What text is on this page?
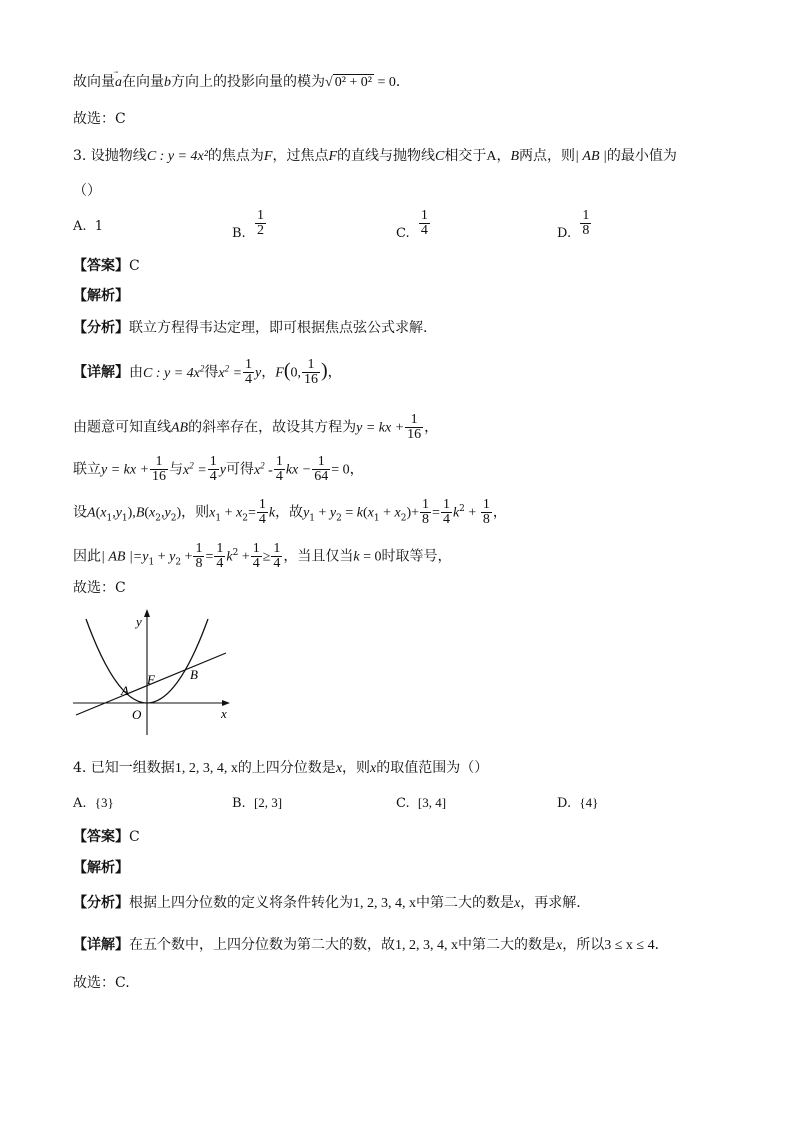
故向量
a在向量b方向上的投影向量的模为√ 0² + 0² = 0．
故选：C
3. 设抛物线C : y = 4x²的焦点为F，过焦点F的直线与抛物线C相交于A，B两点，则| AB |的最小值为
（）
A. 1	B. $\frac{1}{2}$	C. $\frac{1}{4}$	D. $\frac{1}{8}$
【答案】C
【解析】
【分析】联立方程得韦达定理，即可根据焦点弦公式求解.
【详解】由C : $y = 4x^2$得$x^2 = \frac{1}{4}$ y，F(0, $\frac{1}{16}$ )，
由题意可知直线AB的斜率存在，故设其方程为y = kx + $\frac{1}{16}$ ，
联立y = kx + $\frac{1}{16}$ 与$x^2 = \frac{1}{4}$ y可得$x^2 - \frac{1}{4}$ kx − $\frac{1}{64} = 0$，
设$A(x_1,y_1),B(x_2,y_2)$，则$x_1 + x_2= \frac{1}{4}$ k，故$y_1 + y_2 = k(x_1 + x_2)+ \frac{1}{8} = \frac{1}{4} k^2 + \frac{1}{8}$ ，
因此| AB $|=y_1 + y_2 + \frac{1}{8} = \frac{1}{4} k^2 + \frac{1}{4} \ge \frac{1}{4}$ ，当且仅当k = 0时取等号，
故选：C
y
x
O
A
B
F
4. 已知一组数据1, 2, 3, 4, x的上四分位数是x，则x的取值范围为（）
A. {3}	B. [2, 3]	C. [3, 4]	D. {4}
【答案】C
【解析】
【分析】根据上四分位数的定义将条件转化为1, 2, 3, 4, x中第二大的数是x，再求解.
【详解】在五个数中，上四分位数为第二大的数，故1, 2, 3, 4, x中第二大的数是x，所以3 ≤ x ≤ 4．
故选：C.
